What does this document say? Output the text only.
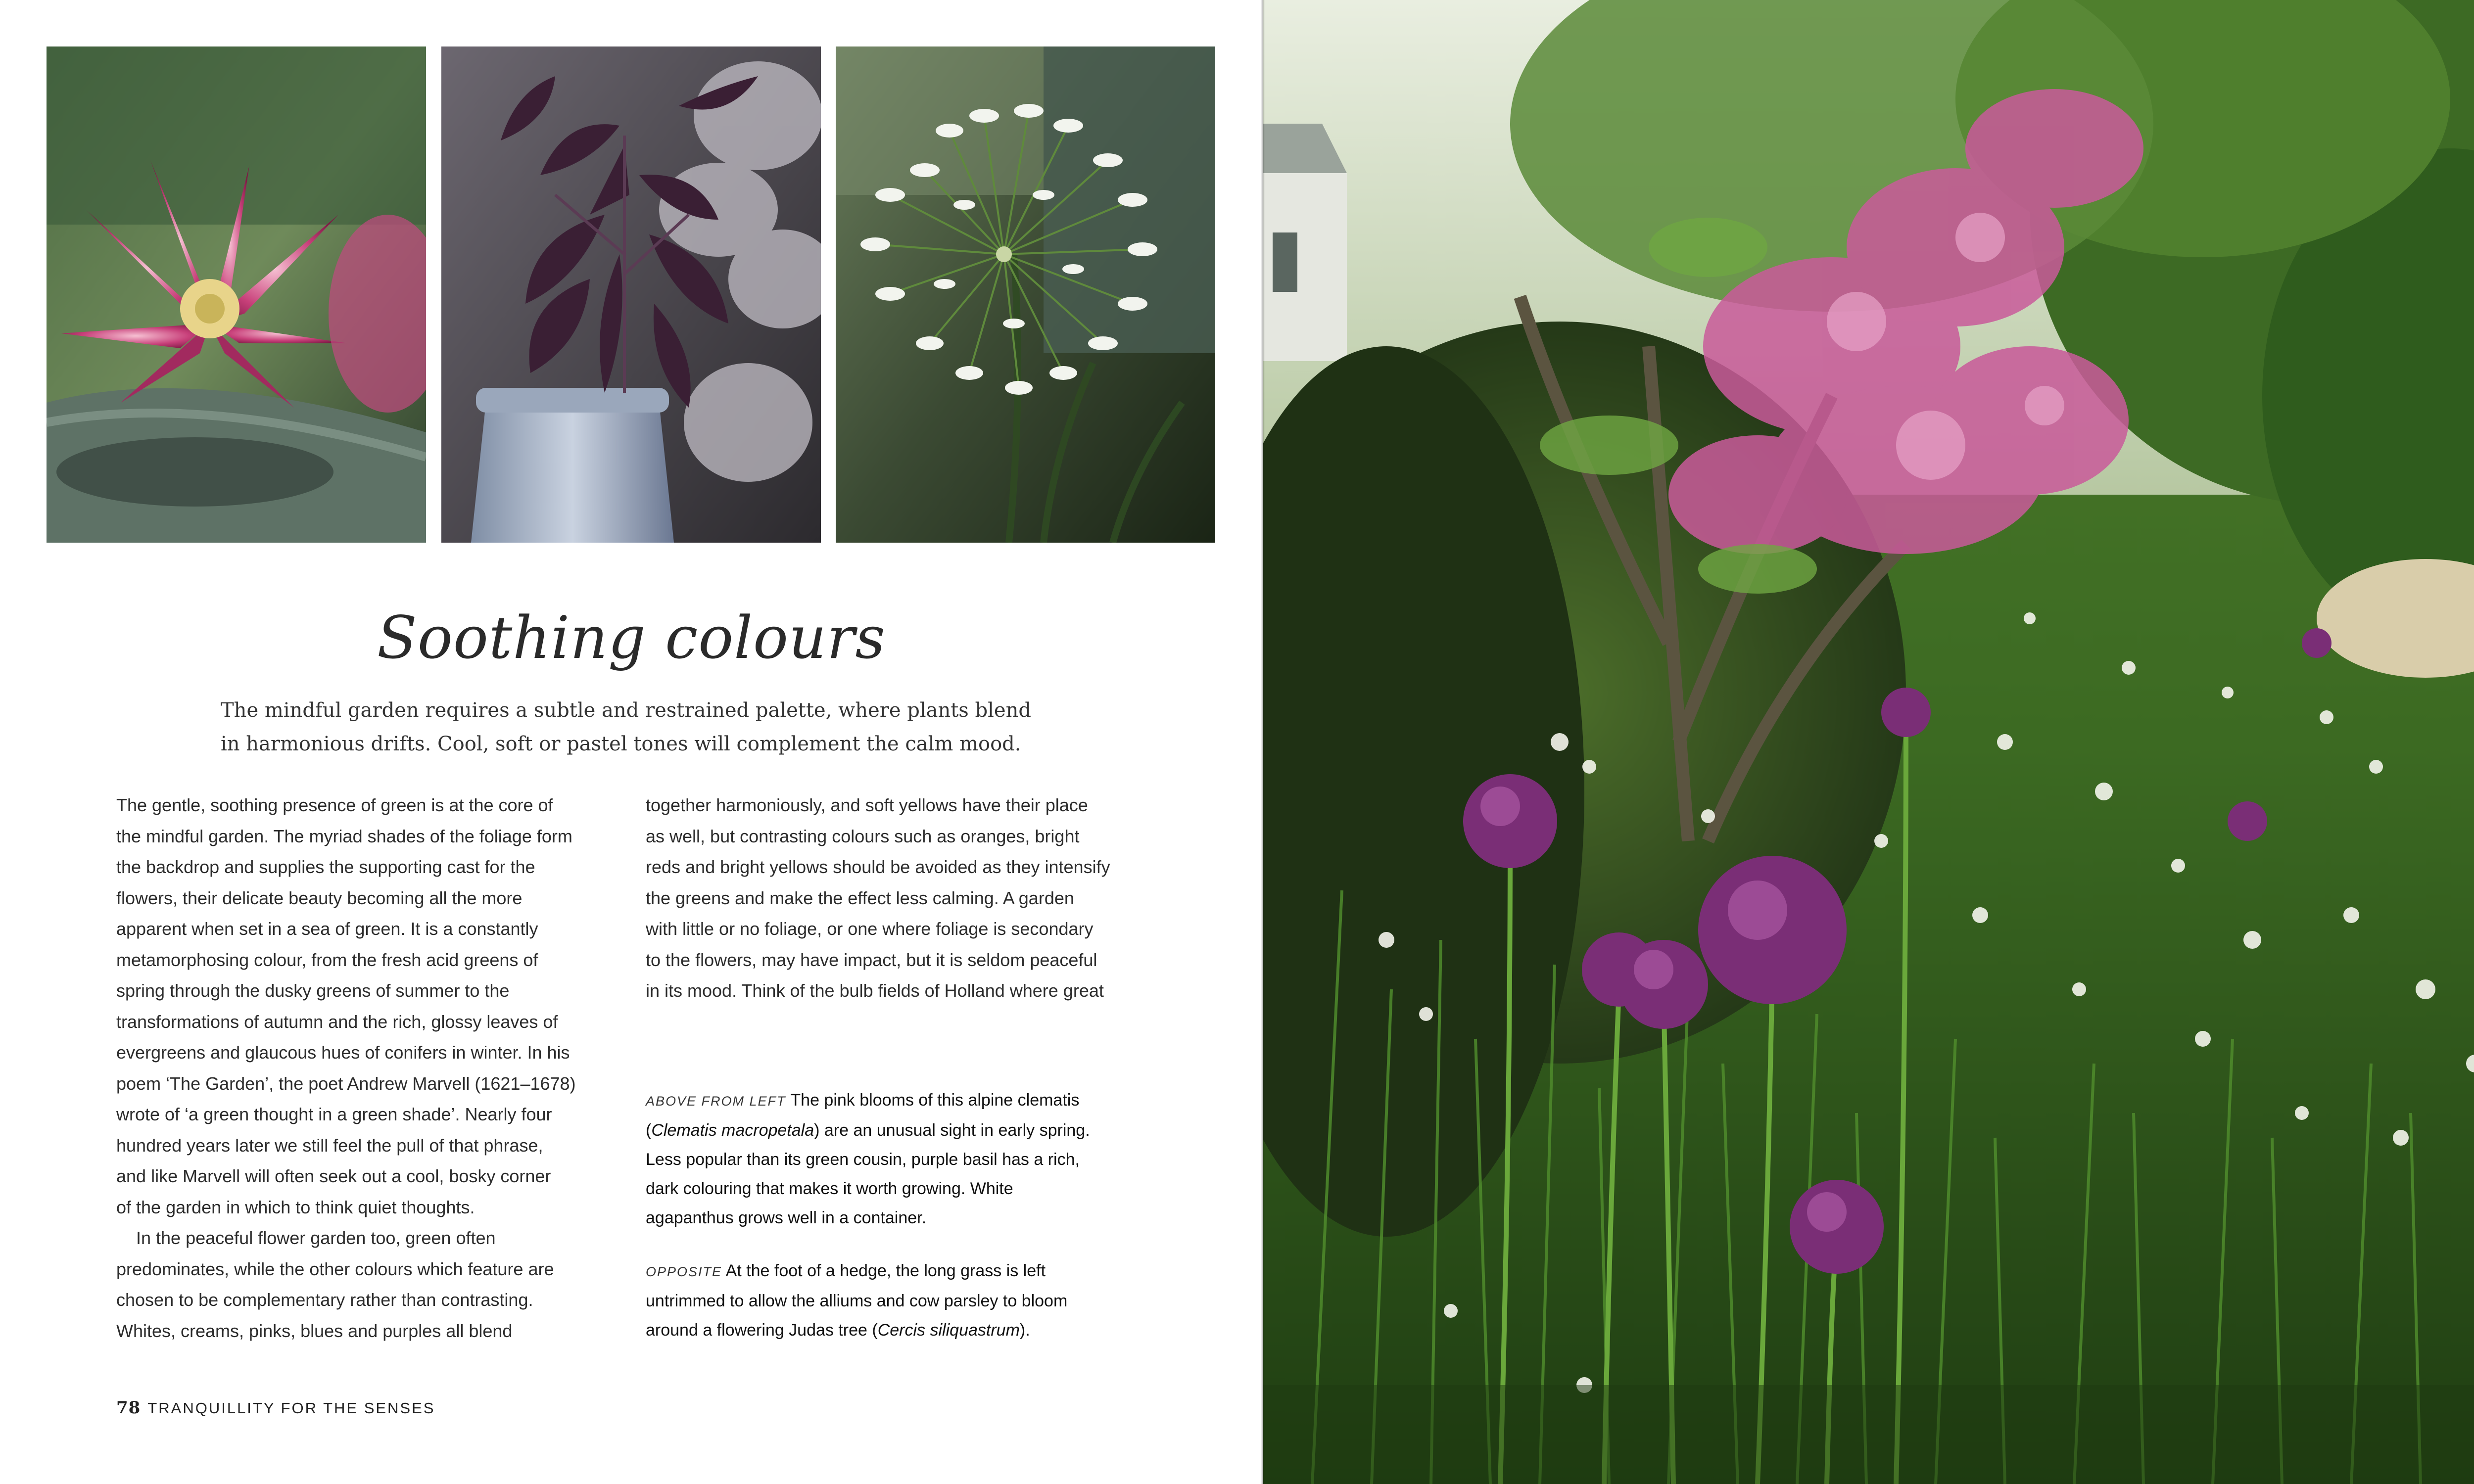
Soothing colours

The mindful garden requires a subtle and restrained palette, where plants blend

in harmonious drifts. Cool, soft or pastel tones will complement the calm mood.

The gentle, soothing presence of green is at the core of

the mindful garden. The myriad shades of the foliage form

the backdrop and supplies the supporting cast for the

flowers, their delicate beauty becoming all the more

apparent when set in a sea of green. It is a constantly

metamorphosing colour, from the fresh acid greens of

spring through the dusky greens of summer to the

transformations of autumn and the rich, glossy leaves of

evergreens and glaucous hues of conifers in winter. In his

poem ‘The Garden’, the poet Andrew Marvell (1621–1678)

wrote of ‘a green thought in a green shade’. Nearly four

hundred years later we still feel the pull of that phrase,

and like Marvell will often seek out a cool, bosky corner

of the garden in which to think quiet thoughts.

In the peaceful flower garden too, green often

predominates, while the other colours which feature are

chosen to be complementary rather than contrasting.

Whites, creams, pinks, blues and purples all blend

together harmoniously, and soft yellows have their place

as well, but contrasting colours such as oranges, bright

reds and bright yellows should be avoided as they intensify

the greens and make the effect less calming. A garden

with little or no foliage, or one where foliage is secondary

to the flowers, may have impact, but it is seldom peaceful

in its mood. Think of the bulb fields of Holland where great

ABOVE FROM LEFT The pink blooms of this alpine clematis

(Clematis macropetala) are an unusual sight in early spring.

Less popular than its green cousin, purple basil has a rich,

dark colouring that makes it worth growing. White

agapanthus grows well in a container.

OPPOSITE At the foot of a hedge, the long grass is left

untrimmed to allow the alliums and cow parsley to bloom

around a flowering Judas tree (Cercis siliquastrum).

78 TRANQUILLITY FOR THE SENSES
